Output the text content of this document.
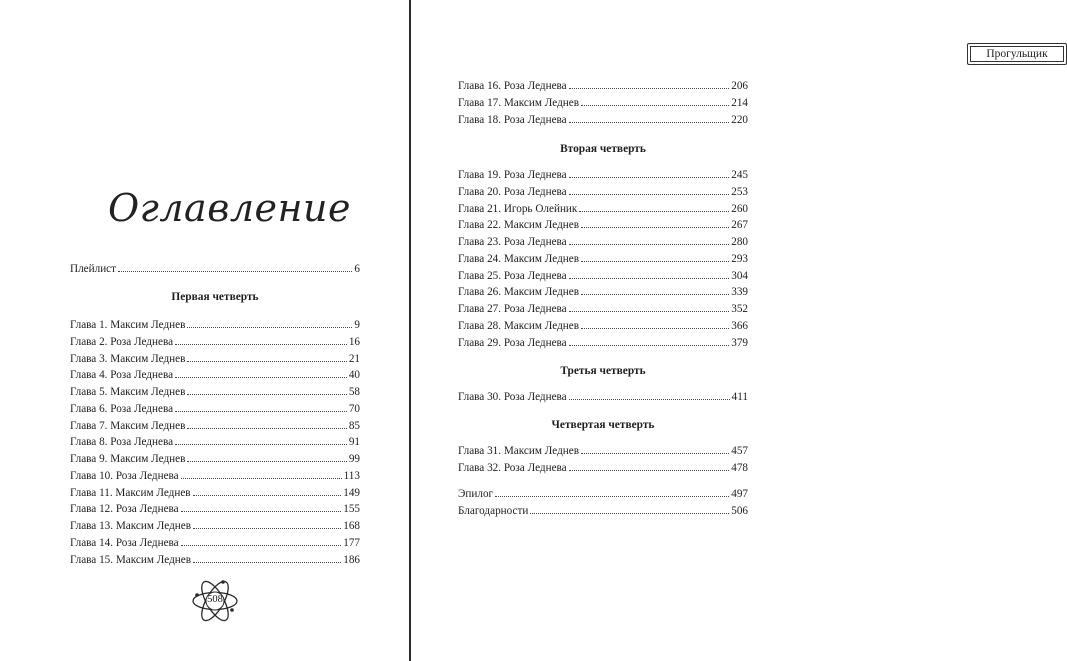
Оглавление
Плейлист	6
Первая четверть
Глава 1. Максим Леднев	9
Глава 2. Роза Леднева	16
Глава 3. Максим Леднев	21
Глава 4. Роза Леднева	40
Глава 5. Максим Леднев	58
Глава 6. Роза Леднева	70
Глава 7. Максим Леднев	85
Глава 8. Роза Леднева	91
Глава 9. Максим Леднев	99
Глава 10. Роза Леднева	113
Глава 11. Максим Леднев	149
Глава 12. Роза Леднева	155
Глава 13. Максим Леднев	168
Глава 14. Роза Леднева	177
Глава 15. Максим Леднев	186
508
Прогульщик
Глава 16. Роза Леднева	206
Глава 17. Максим Леднев	214
Глава 18. Роза Леднева	220
Вторая четверть
Глава 19. Роза Леднева	245
Глава 20. Роза Леднева	253
Глава 21. Игорь Олейник	260
Глава 22. Максим Леднев	267
Глава 23. Роза Леднева	280
Глава 24. Максим Леднев	293
Глава 25. Роза Леднева	304
Глава 26. Максим Леднев	339
Глава 27. Роза Леднева	352
Глава 28. Максим Леднев	366
Глава 29. Роза Леднева	379
Третья четверть
Глава 30. Роза Леднева	411
Четвертая четверть
Глава 31. Максим Леднев	457
Глава 32. Роза Леднева	478
Эпилог	497
Благодарности	506
